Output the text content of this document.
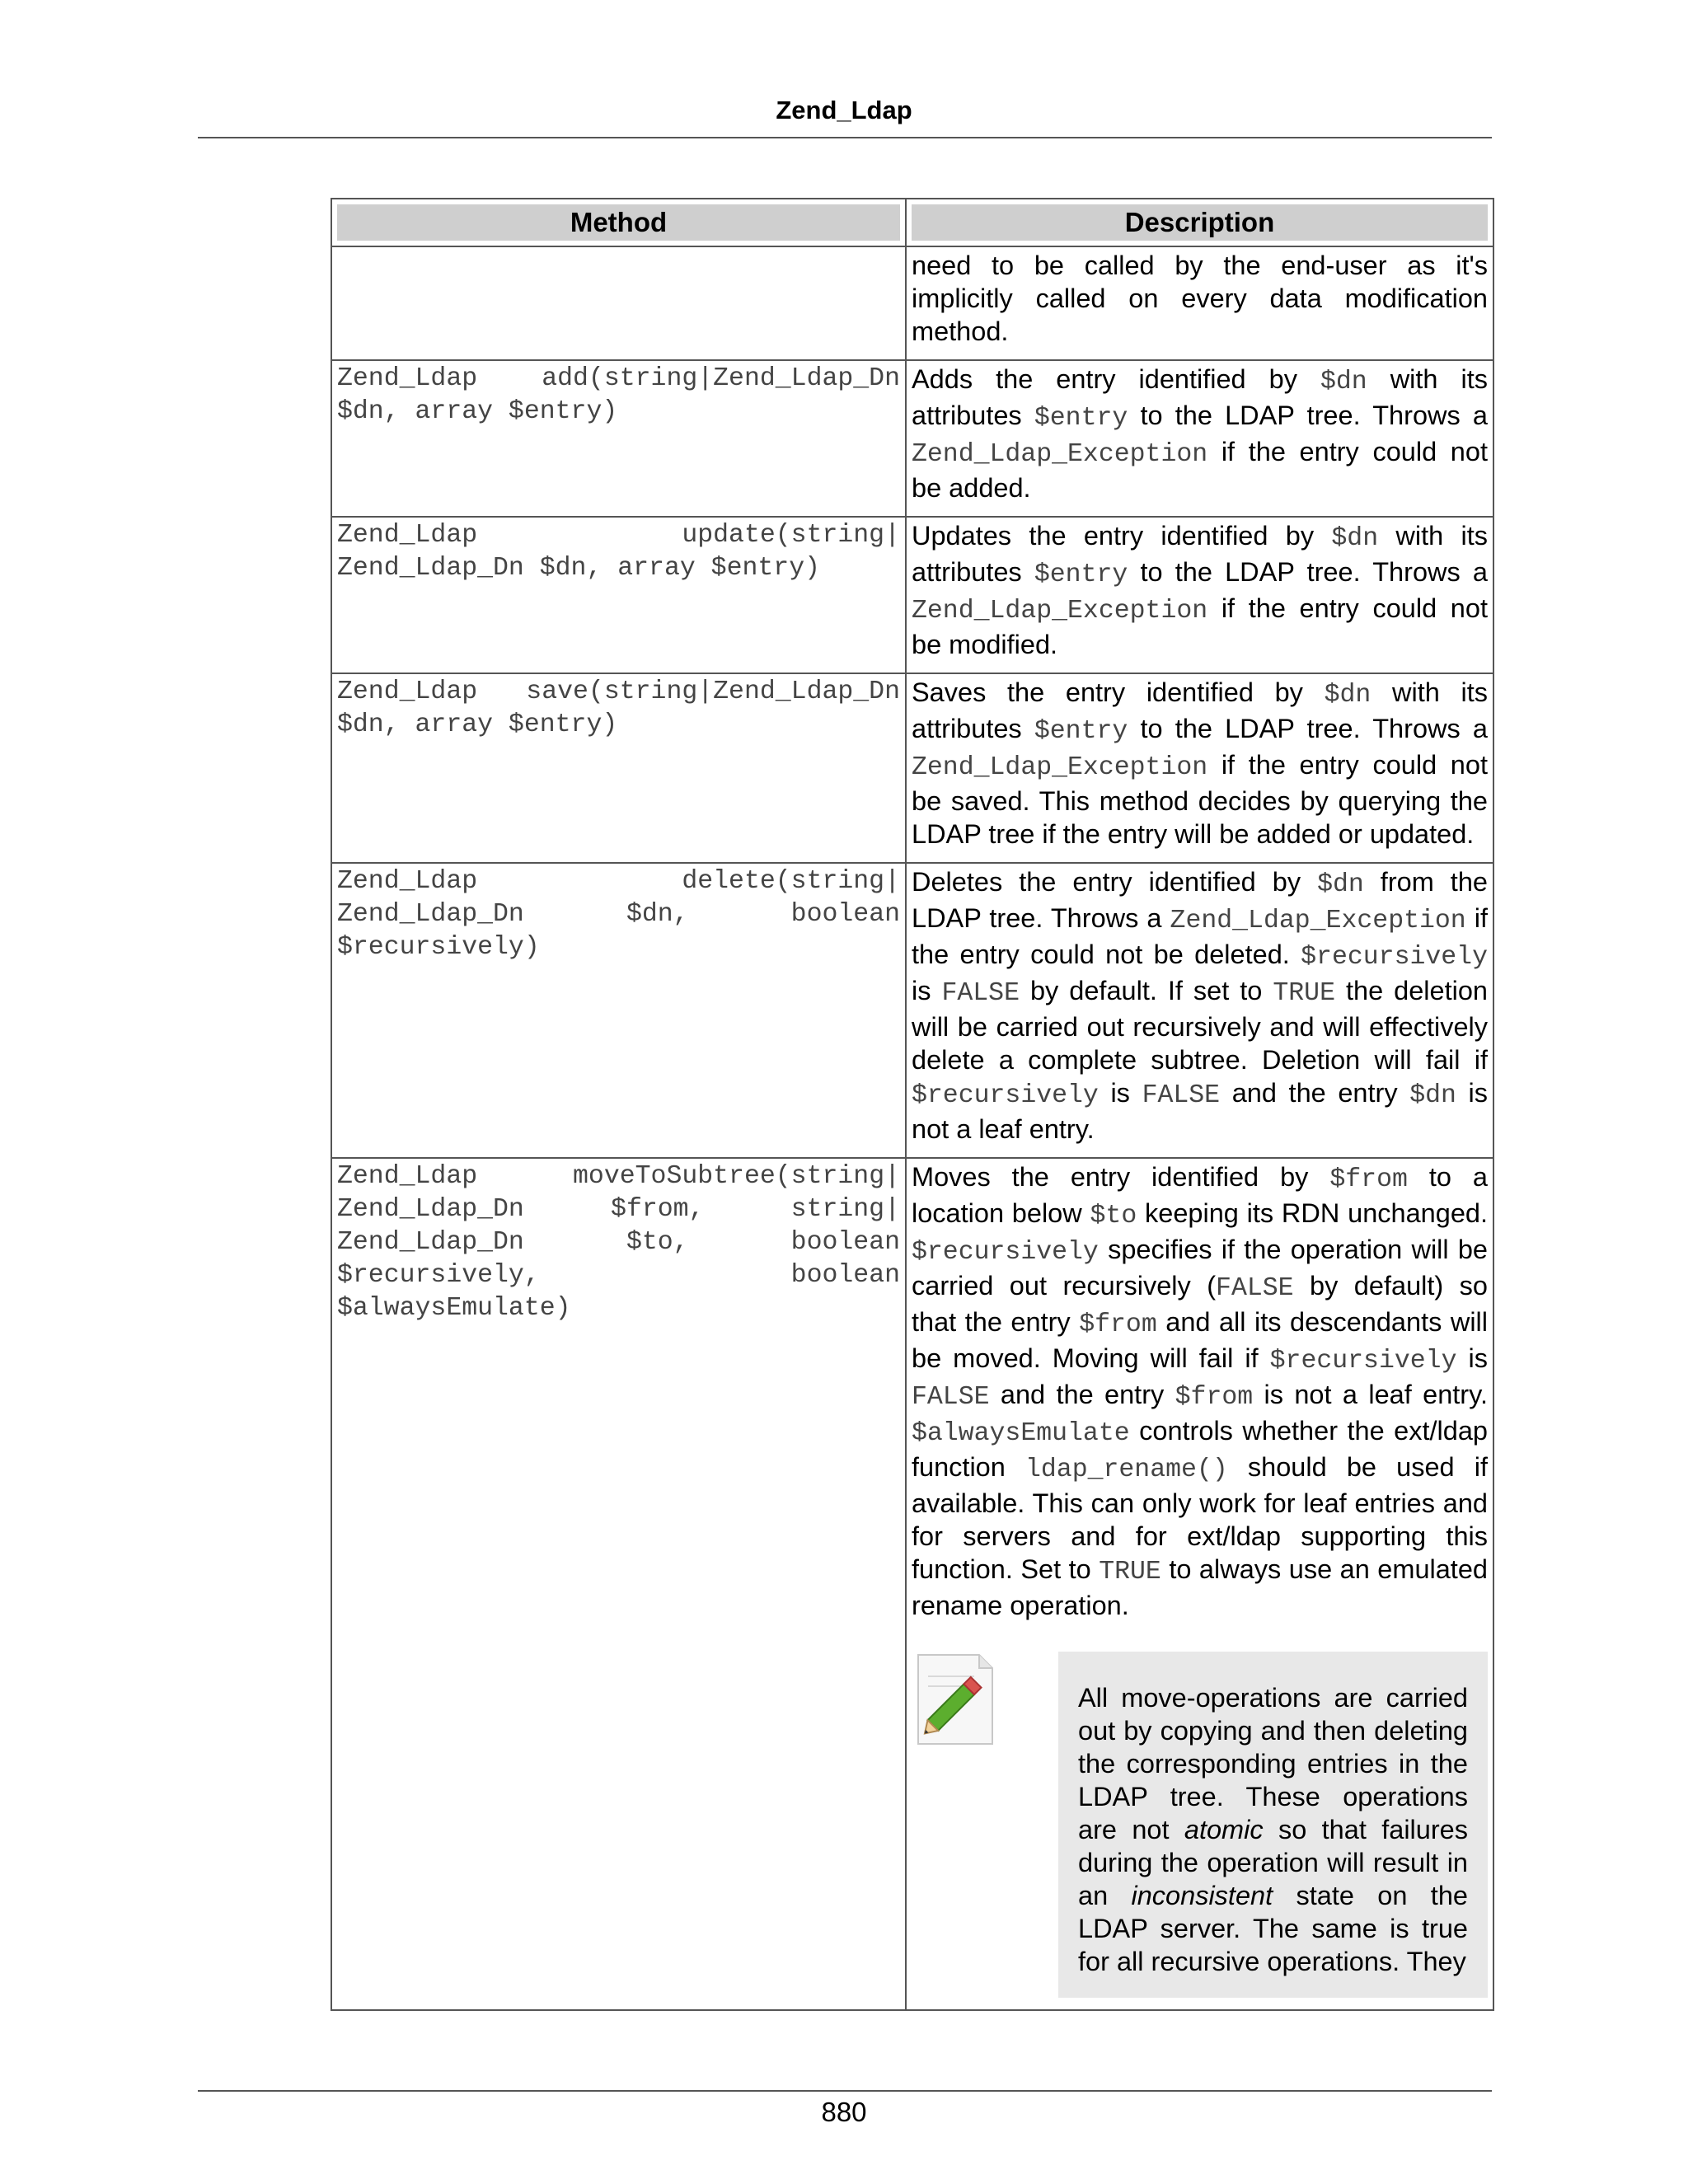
Zend_Ldap
Method	Description

	need to be called by the end-user as it's implicitly called on every data modification method.
Zend_Ldap add(string|Zend_Ldap_Dn $dn, array $entry)	Adds the entry identified by $dn with its attributes $entry to the LDAP tree. Throws a Zend_Ldap_Exception if the entry could not be added.
Zend_Ldap update(string| Zend_Ldap_Dn $dn, array $entry)	Updates the entry identified by $dn with its attributes $entry to the LDAP tree. Throws a Zend_Ldap_Exception if the entry could not be modified.
Zend_Ldap save(string|Zend_Ldap_Dn $dn, array $entry)	Saves the entry identified by $dn with its attributes $entry to the LDAP tree. Throws a Zend_Ldap_Exception if the entry could not be saved. This method decides by querying the LDAP tree if the entry will be added or updated.
Zend_Ldap delete(string| Zend_Ldap_Dn $dn, boolean $recursively)	Deletes the entry identified by $dn from the LDAP tree. Throws a Zend_Ldap_Exception if the entry could not be deleted. $recursively is FALSE by default. If set to TRUE the deletion will be carried out recursively and will effectively delete a complete subtree. Deletion will fail if $recursively is FALSE and the entry $dn is not a leaf entry.
Zend_Ldap moveToSubtree(string| Zend_Ldap_Dn $from, string| Zend_Ldap_Dn $to, boolean $recursively, boolean $alwaysEmulate)	Moves the entry identified by $from to a location below $to keeping its RDN unchanged. $recursively specifies if the operation will be carried out recursively (FALSE by default) so that the entry $from and all its descendants will be moved. Moving will fail if $recursively is FALSE and the entry $from is not a leaf entry. $alwaysEmulate controls whether the ext/ldap function ldap_rename() should be used if available. This can only work for leaf entries and for servers and for ext/ldap supporting this function. Set to TRUE to always use an emulated rename operation.
All move-operations are carried out by copying and then deleting the corresponding entries in the LDAP tree. These operations are not atomic so that failures during the operation will result in an inconsistent state on the LDAP server. The same is true for all recursive operations. They
880
